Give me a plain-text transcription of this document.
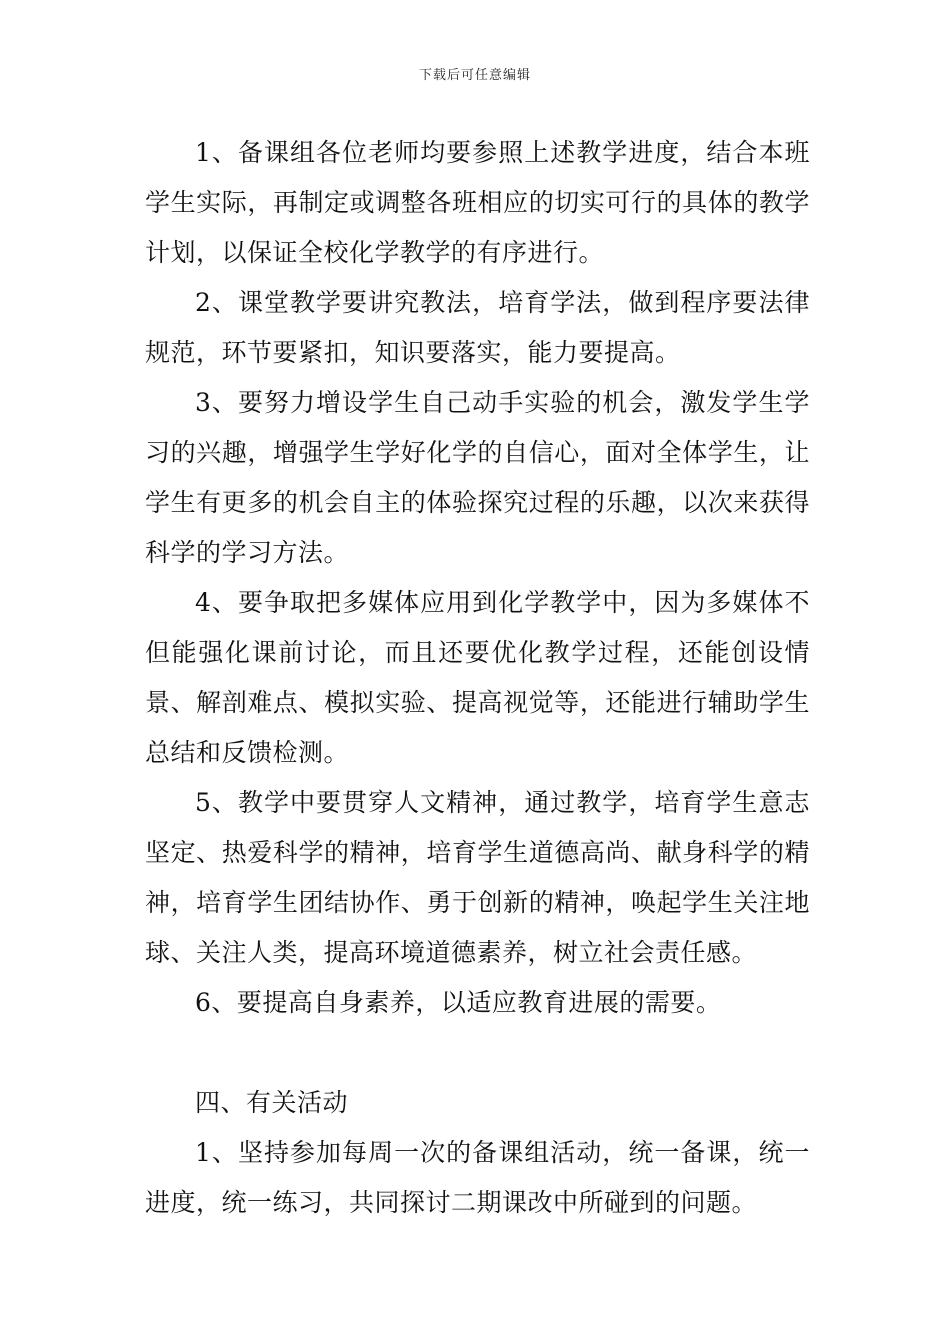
下载后可任意编辑

1、备课组各位老师均要参照上述教学进度，结合本班学生实际，再制定或调整各班相应的切实可行的具体的教学计划，以保证全校化学教学的有序进行。

2、课堂教学要讲究教法，培育学法，做到程序要法律规范，环节要紧扣，知识要落实，能力要提高。

3、要努力增设学生自己动手实验的机会，激发学生学习的兴趣，增强学生学好化学的自信心，面对全体学生，让学生有更多的机会自主的体验探究过程的乐趣，以次来获得科学的学习方法。

4、要争取把多媒体应用到化学教学中，因为多媒体不但能强化课前讨论，而且还要优化教学过程，还能创设情景、解剖难点、模拟实验、提高视觉等，还能进行辅助学生总结和反馈检测。

5、教学中要贯穿人文精神，通过教学，培育学生意志坚定、热爱科学的精神，培育学生道德高尚、献身科学的精神，培育学生团结协作、勇于创新的精神，唤起学生关注地球、关注人类，提高环境道德素养，树立社会责任感。

6、要提高自身素养，以适应教育进展的需要。

四、有关活动

1、坚持参加每周一次的备课组活动，统一备课，统一进度，统一练习，共同探讨二期课改中所碰到的问题。
